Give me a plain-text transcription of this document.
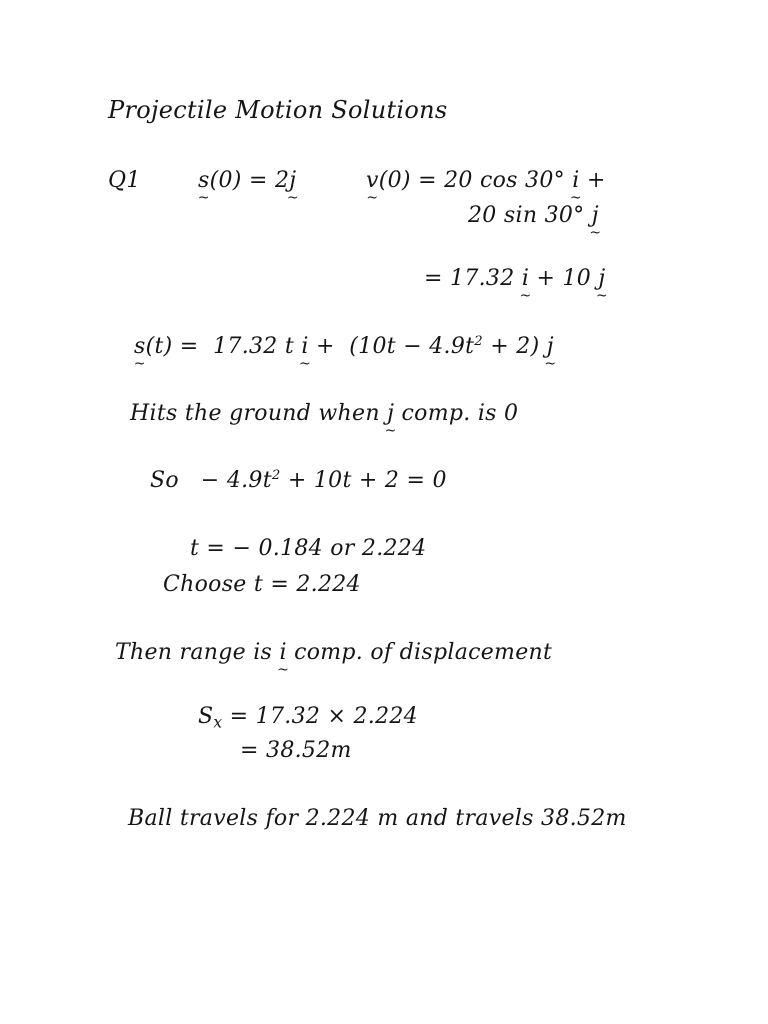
Projectile Motion Solutions
Q1	s ~(0) = 2j ~	v ~(0) = 20 cos 30° i ~ +
20 sin 30° j ~
= 17.32 i ~ + 10 j ~
s ~(t) =  17.32 t i ~ +  $(10t - 4.9t^2 + 2)$ j ~
Hits the ground when j ~ comp. is 0
$So - 4.9t^2 + 10t + 2 = 0$
t = − 0.184 or 2.224
Choose t = 2.224
Then range is i ~ comp. of displacement
$S_x = 17.32 \times 2.224$
= 38.52m
Ball travels for 2.224 m and travels 38.52m
